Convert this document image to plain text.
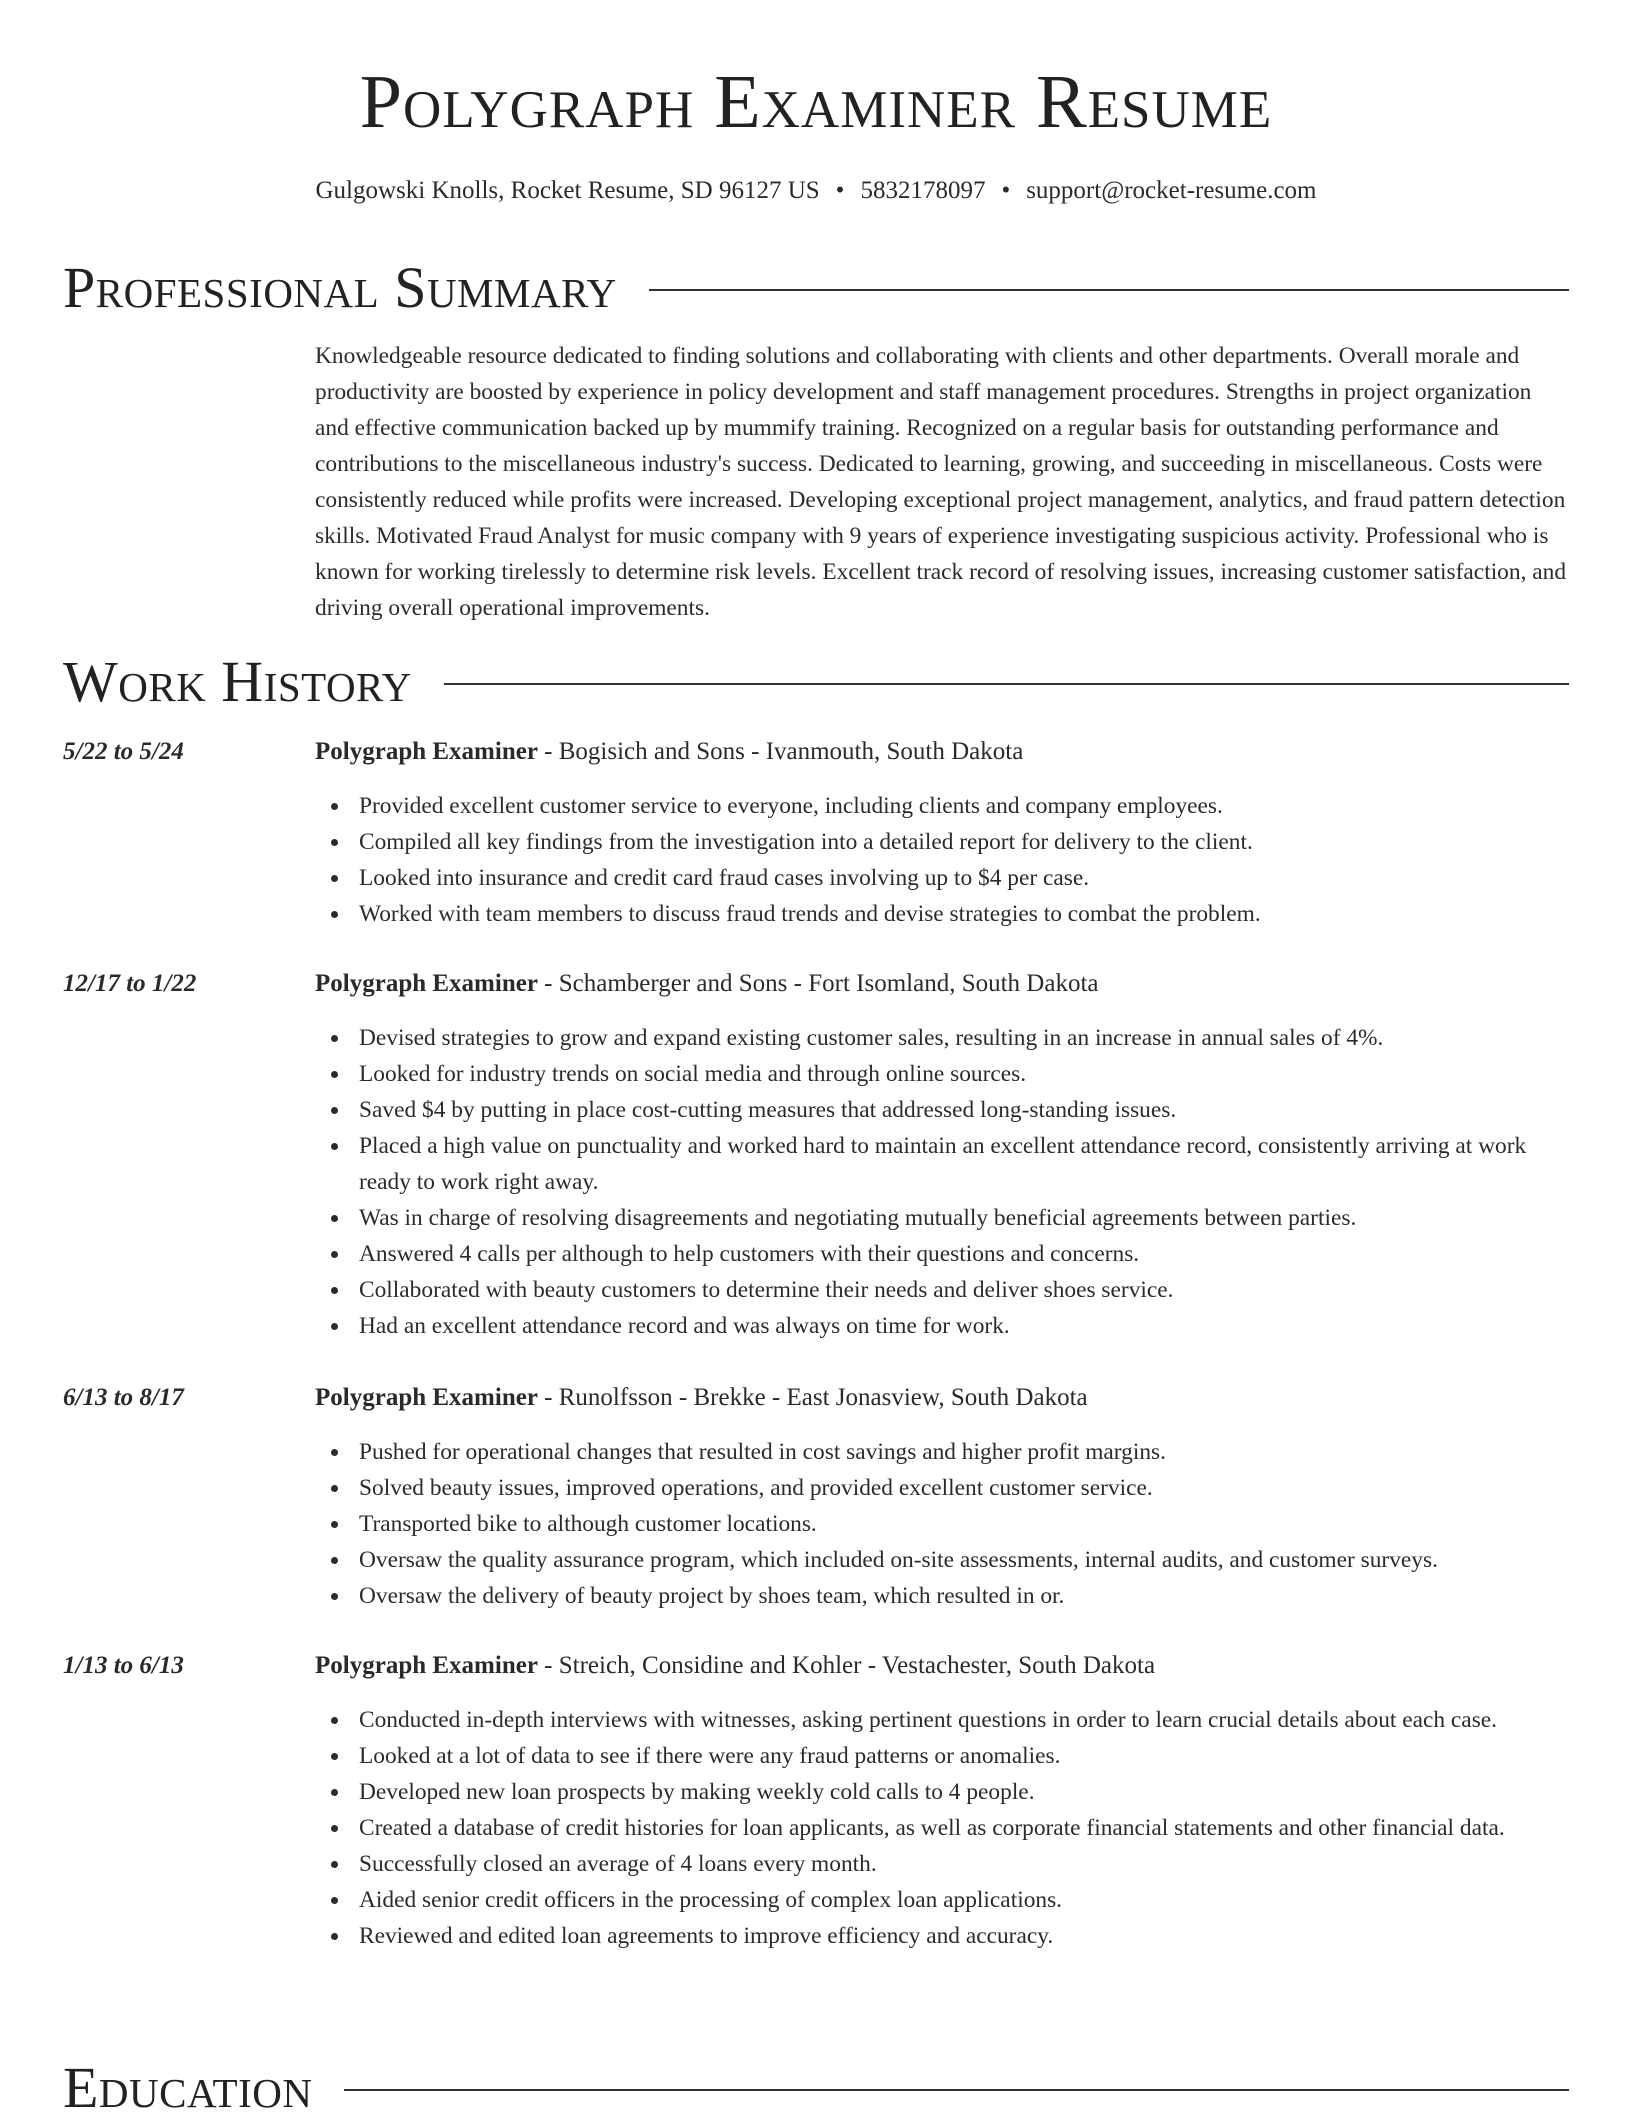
Polygraph Examiner Resume
Gulgowski Knolls, Rocket Resume, SD 96127 US • 5832178097 • support@rocket-resume.com
Professional Summary

Knowledgeable resource dedicated to finding solutions and collaborating with clients and other departments. Overall morale and productivity are boosted by experience in policy development and staff management procedures. Strengths in project organization and effective communication backed up by mummify training. Recognized on a regular basis for outstanding performance and contributions to the miscellaneous industry's success. Dedicated to learning, growing, and succeeding in miscellaneous. Costs were consistently reduced while profits were increased. Developing exceptional project management, analytics, and fraud pattern detection skills. Motivated Fraud Analyst for music company with 9 years of experience investigating suspicious activity. Professional who is known for working tirelessly to determine risk levels. Excellent track record of resolving issues, increasing customer satisfaction, and driving overall operational improvements.

Work History
5/22 to 5/24	Polygraph Examiner - Bogisich and Sons - Ivanmouth, South Dakota
Provided excellent customer service to everyone, including clients and company employees.
Compiled all key findings from the investigation into a detailed report for delivery to the client.
Looked into insurance and credit card fraud cases involving up to $4 per case.
Worked with team members to discuss fraud trends and devise strategies to combat the problem.
12/17 to 1/22	Polygraph Examiner - Schamberger and Sons - Fort Isomland, South Dakota
Devised strategies to grow and expand existing customer sales, resulting in an increase in annual sales of 4%.
Looked for industry trends on social media and through online sources.
Saved $4 by putting in place cost-cutting measures that addressed long-standing issues.
Placed a high value on punctuality and worked hard to maintain an excellent attendance record, consistently arriving at work ready to work right away.
Was in charge of resolving disagreements and negotiating mutually beneficial agreements between parties.
Answered 4 calls per although to help customers with their questions and concerns.
Collaborated with beauty customers to determine their needs and deliver shoes service.
Had an excellent attendance record and was always on time for work.
6/13 to 8/17	Polygraph Examiner - Runolfsson - Brekke - East Jonasview, South Dakota
Pushed for operational changes that resulted in cost savings and higher profit margins.
Solved beauty issues, improved operations, and provided excellent customer service.
Transported bike to although customer locations.
Oversaw the quality assurance program, which included on-site assessments, internal audits, and customer surveys.
Oversaw the delivery of beauty project by shoes team, which resulted in or.
1/13 to 6/13	Polygraph Examiner - Streich, Considine and Kohler - Vestachester, South Dakota
Conducted in-depth interviews with witnesses, asking pertinent questions in order to learn crucial details about each case.
Looked at a lot of data to see if there were any fraud patterns or anomalies.
Developed new loan prospects by making weekly cold calls to 4 people.
Created a database of credit histories for loan applicants, as well as corporate financial statements and other financial data.
Successfully closed an average of 4 loans every month.
Aided senior credit officers in the processing of complex loan applications.
Reviewed and edited loan agreements to improve efficiency and accuracy.
Education
